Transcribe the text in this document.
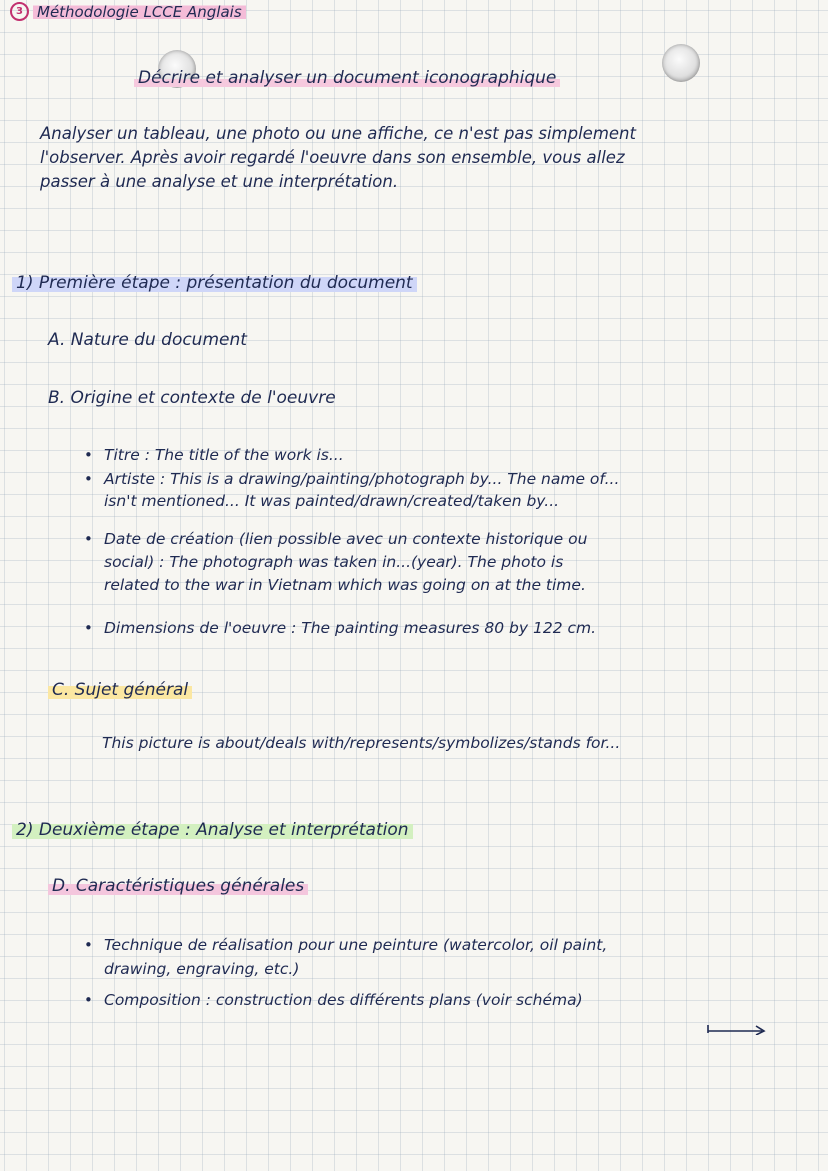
3 Méthodologie LCCE Anglais
Décrire et analyser un document iconographique
Analyser un tableau, une photo ou une affiche, ce n'est pas simplement
l'observer. Après avoir regardé l'oeuvre dans son ensemble, vous allez
passer à une analyse et une interprétation.
1) Première étape : présentation du document
A. Nature du document
B. Origine et contexte de l'oeuvre
• Titre : The title of the work is...
• Artiste : This is a drawing/painting/photograph by... The name of...
isn't mentioned... It was painted/drawn/created/taken by...
• Date de création (lien possible avec un contexte historique ou
social) : The photograph was taken in...(year). The photo is
related to the war in Vietnam which was going on at the time.
• Dimensions de l'oeuvre : The painting measures 80 by 122 cm.
C. Sujet général
This picture is about/deals with/represents/symbolizes/stands for...
2) Deuxième étape : Analyse et interprétation
D. Caractéristiques générales
• Technique de réalisation pour une peinture (watercolor, oil paint,
drawing, engraving, etc.)
• Composition : construction des différents plans (voir schéma)
